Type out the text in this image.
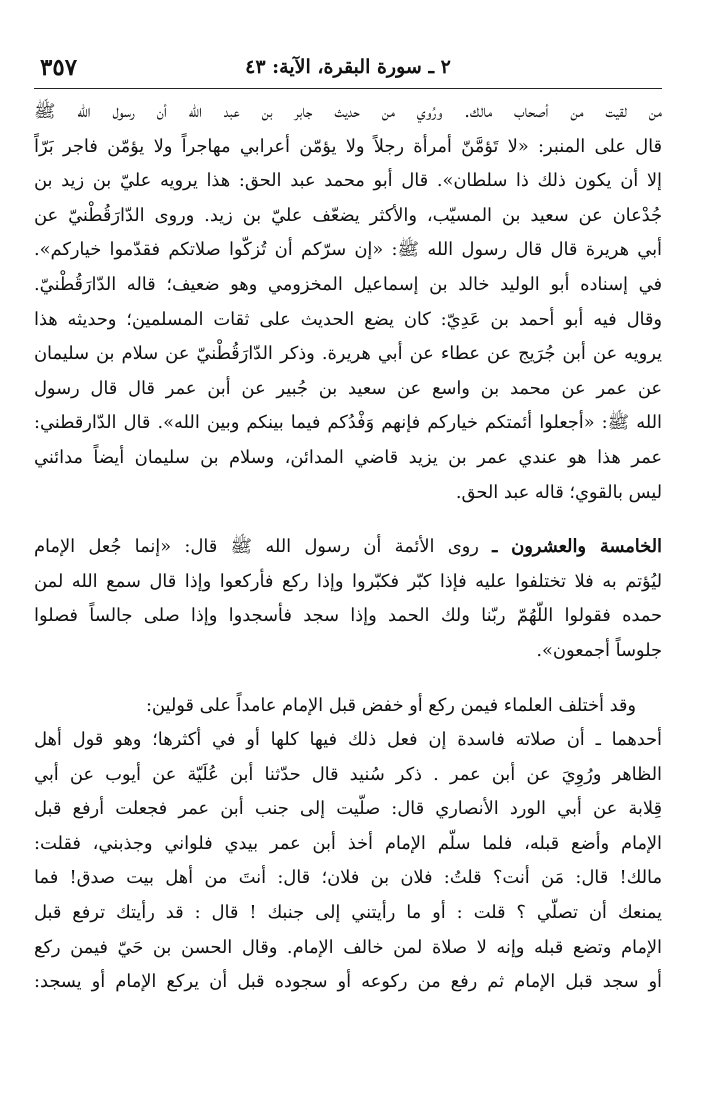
٣٥٧	٢ ـ سورة البقرة، الآية: ٤٣
من لقيت من أصحاب مالك. ورُوي من حديث جابر بن عبد الله أن رسول الله ﷺ
قال على المنبر: «لا تَؤمَّنّ أمرأة رجلاً ولا يؤمّن أعرابي مهاجراً ولا يؤمّن فاجر بَرّاً
إلا أن يكون ذلك ذا سلطان». قال أبو محمد عبد الحق: هذا يرويه عليّ بن زيد بن
جُدْعان عن سعيد بن المسيّب، والأكثر يضعّف عليّ بن زيد. وروى الدّارَقُطْنيّ عن
أبي هريرة قال قال رسول الله ﷺ: «إن سرّكم أن تُزكّوا صلاتكم فقدّموا خياركم».
في إسناده أبو الوليد خالد بن إسماعيل المخزومي وهو ضعيف؛ قاله الدّارَقُطْنيّ.
وقال فيه أبو أحمد بن عَدِيّ: كان يضع الحديث على ثقات المسلمين؛ وحديثه هذا
يرويه عن أبن جُرَيج عن عطاء عن أبي هريرة. وذكر الدّارَقُطْنيّ عن سلام بن سليمان
عن عمر عن محمد بن واسع عن سعيد بن جُبير عن أبن عمر قال قال رسول
الله ﷺ: «أجعلوا أئمتكم خياركم فإنهم وَفْدُكم فيما بينكم وبين الله». قال الدّارقطني:
عمر هذا هو عندي عمر بن يزيد قاضي المدائن، وسلام بن سليمان أيضاً مدائني
ليس بالقوي؛ قاله عبد الحق.
الخامسة والعشرون ـ روى الأئمة أن رسول الله ﷺ قال: «إنما جُعل الإمام
ليُؤتم به فلا تختلفوا عليه فإذا كبّر فكبّروا وإذا ركع فأركعوا وإذا قال سمع الله لمن
حمده فقولوا اللّهُمّ ربّنا ولك الحمد وإذا سجد فأسجدوا وإذا صلى جالساً فصلوا
جلوساً أجمعون».
وقد أختلف العلماء فيمن ركع أو خفض قبل الإمام عامداً على قولين:
أحدهما ـ أن صلاته فاسدة إن فعل ذلك فيها كلها أو في أكثرها؛ وهو قول أهل
الظاهر ورُوِيَ عن أبن عمر . ذكر سُنيد قال حدّثنا أبن عُلَيّة عن أيوب عن أبي
قِلابة عن أبي الورد الأنصاري قال: صلّيت إلى جنب أبن عمر فجعلت أرفع قبل
الإمام وأضع قبله، فلما سلّم الإمام أخذ أبن عمر بيدي فلواني وجذبني، فقلت:
مالك! قال: مَن أنت؟ قلتُ: فلان بن فلان؛ قال: أنتَ من أهل بيت صدق! فما
يمنعك أن تصلّي ؟ قلت : أو ما رأيتني إلى جنبك ! قال : قد رأيتك ترفع قبل
الإمام وتضع قبله وإنه لا صلاة لمن خالف الإمام. وقال الحسن بن حَيّ فيمن ركع
أو سجد قبل الإمام ثم رفع من ركوعه أو سجوده قبل أن يركع الإمام أو يسجد:
